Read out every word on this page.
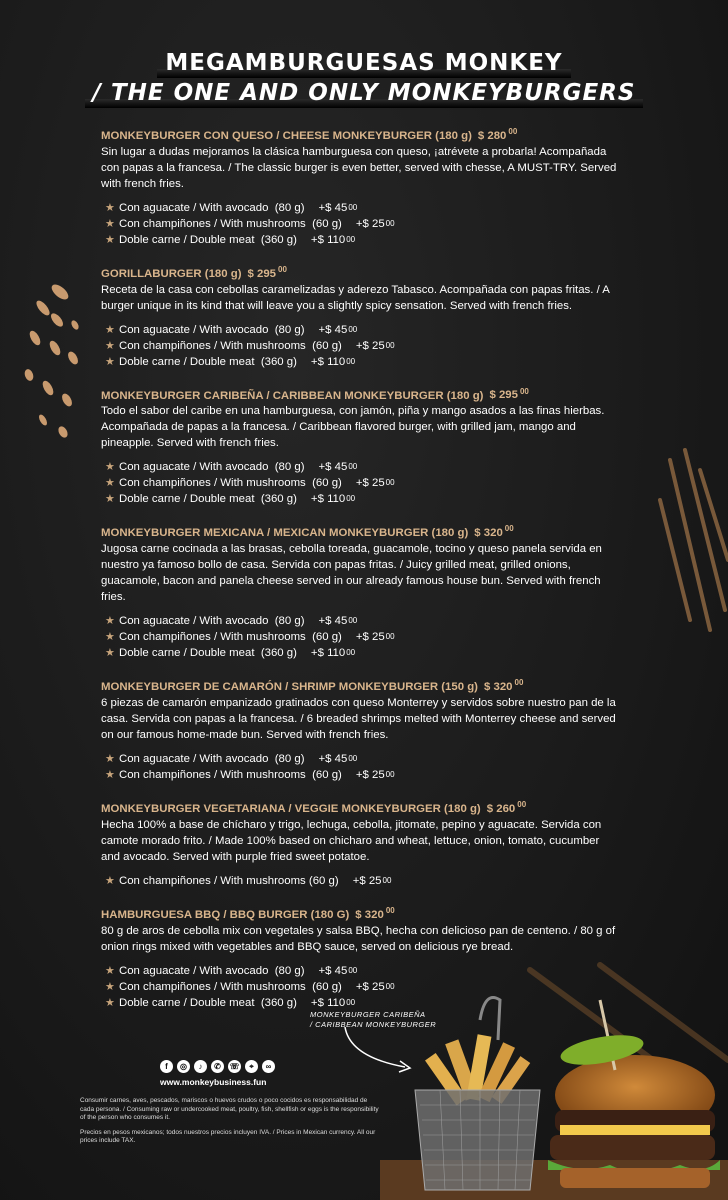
MEGAMBURGUESAS MONKEY
/ THE ONE AND ONLY MONKEYBURGERS
MONKEYBURGER CON QUESO / CHEESE MONKEYBURGER (180 g) $ 280 $^{00}$
Sin lugar a dudas mejoramos la clásica hamburguesa con queso, ¡atrévete a probarla! Acompañada con papas a la francesa. / The classic burger is even better, served with chesse, A MUST-TRY. Served with french fries.
★ Con aguacate / With avocado  (80 g) +$ 45 00
★ Con champiñones / With mushrooms  (60 g) +$ 25 00
★ Doble carne / Double meat  (360 g) +$ 110 00
GORILLABURGER (180 g) $ 295 $^{00}$
Receta de la casa con cebollas caramelizadas y aderezo Tabasco. Acompañada con papas fritas. / A burger unique in its kind that will leave you a slightly spicy sensation. Served with french fries.
★ Con aguacate / With avocado  (80 g) +$ 45 00
★ Con champiñones / With mushrooms  (60 g) +$ 25 00
★ Doble carne / Double meat  (360 g) +$ 110 00
MONKEYBURGER CARIBEÑA / CARIBBEAN MONKEYBURGER (180 g) $ 295 $^{00}$
Todo el sabor del caribe en una hamburguesa, con jamón, piña y mango asados a las finas hierbas. Acompañada de papas a la francesa. / Caribbean flavored burger, with grilled jam, mango and pineapple. Served with french fries.
★ Con aguacate / With avocado  (80 g) +$ 45 00
★ Con champiñones / With mushrooms  (60 g) +$ 25 00
★ Doble carne / Double meat  (360 g) +$ 110 00
MONKEYBURGER MEXICANA / MEXICAN MONKEYBURGER (180 g) $ 320 $^{00}$
Jugosa carne cocinada a las brasas, cebolla toreada, guacamole, tocino y queso panela servida en nuestro ya famoso bollo de casa. Servida con papas fritas. / Juicy grilled meat, grilled onions, guacamole, bacon and panela cheese served in our already famous house bun. Served with french fries.
★ Con aguacate / With avocado  (80 g) +$ 45 00
★ Con champiñones / With mushrooms  (60 g) +$ 25 00
★ Doble carne / Double meat  (360 g) +$ 110 00
MONKEYBURGER DE CAMARÓN / SHRIMP MONKEYBURGER (150 g) $ 320 $^{00}$
6 piezas de camarón empanizado gratinados con queso Monterrey y servidos sobre nuestro pan de la casa. Servida con papas a la francesa. / 6 breaded shrimps melted with Monterrey cheese and served on our famous home-made bun. Served with french fries.
★ Con aguacate / With avocado  (80 g) +$ 45 00
★ Con champiñones / With mushrooms  (60 g) +$ 25 00
MONKEYBURGER VEGETARIANA / VEGGIE MONKEYBURGER (180 g) $ 260 $^{00}$
Hecha 100% a base de chícharo y trigo, lechuga, cebolla, jitomate, pepino y aguacate. Servida con camote morado frito. / Made 100% based on chicharo and wheat, lettuce, onion, tomato, cucumber and avocado. Served with purple fried sweet potatoe.
★ Con champiñones / With mushrooms (60 g) +$ 25 00
HAMBURGUESA BBQ / BBQ BURGER (180 G) $ 320 $^{00}$
80 g de aros de cebolla mix con vegetales y salsa BBQ, hecha con delicioso pan de centeno. / 80 g of onion rings mixed with vegetables and BBQ sauce, served on delicious rye bread.
★ Con aguacate / With avocado  (80 g) +$ 45 00
★ Con champiñones / With mushrooms  (60 g) +$ 25 00
★ Doble carne / Double meat  (360 g) +$ 110 00
MONKEYBURGER CARIBEÑA
/ CARIBBEAN MONKEYBURGER
f	◎	♪	✆	☏	⌖	∞
www.monkeybusiness.fun

Consumir carnes, aves, pescados, mariscos o huevos crudos o poco cocidos es responsabilidad de cada persona. / Consuming raw or undercooked meat, poultry, fish, shellfish or eggs is the responsibility of the person who consumes it.

Precios en pesos mexicanos; todos nuestros precios incluyen IVA. / Prices in Mexican currency. All our prices include TAX.
